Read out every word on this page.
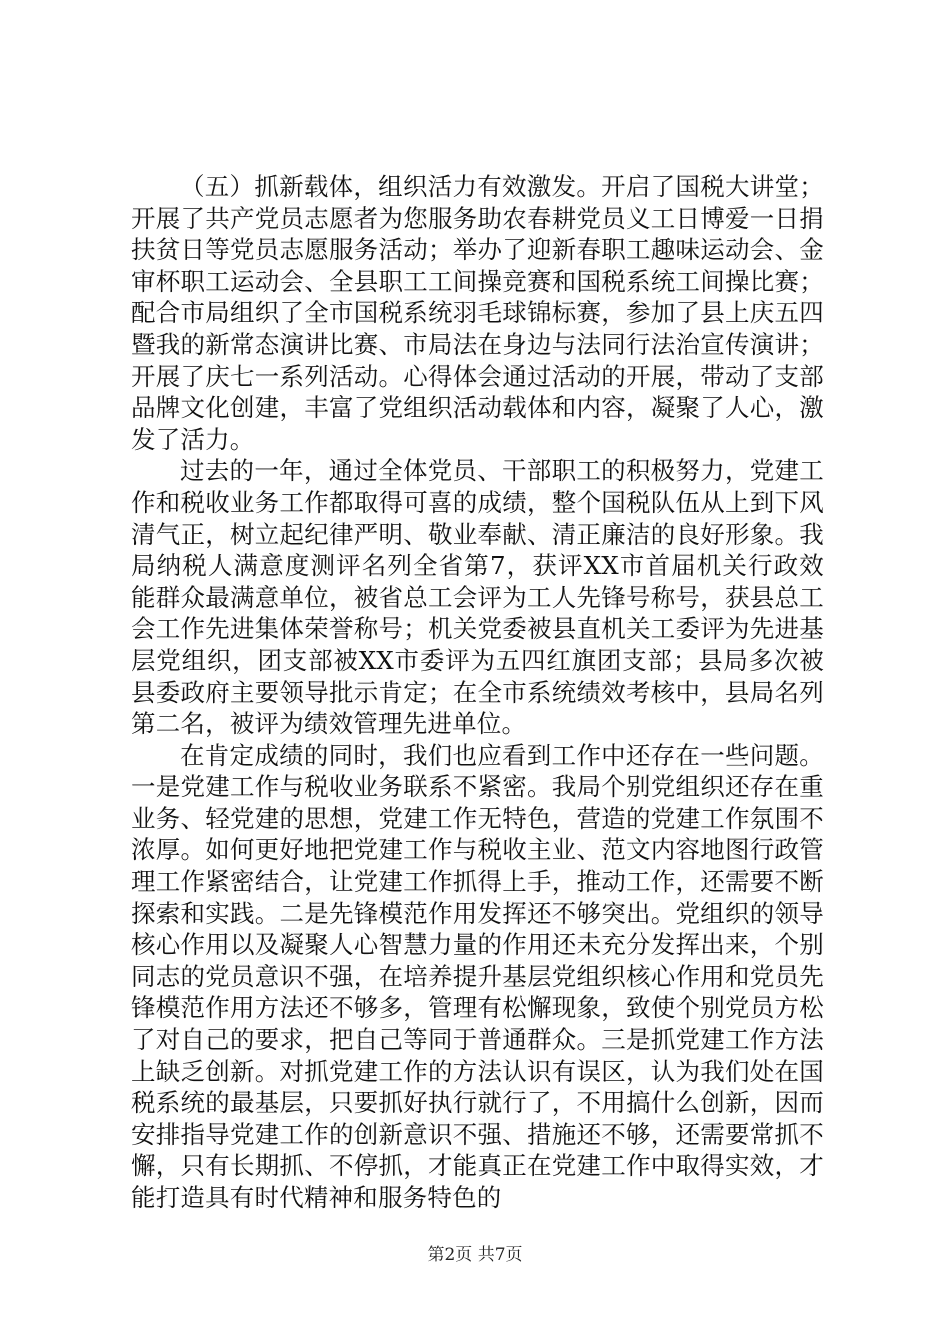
（五）抓新载体，组织活力有效激发。开启了国税大讲堂；开展了共产党员志愿者为您服务助农春耕党员义工日博爱一日捐扶贫日等党员志愿服务活动；举办了迎新春职工趣味运动会、金审杯职工运动会、全县职工工间操竞赛和国税系统工间操比赛；配合市局组织了全市国税系统羽毛球锦标赛，参加了县上庆五四暨我的新常态演讲比赛、市局法在身边与法同行法治宣传演讲；开展了庆七一系列活动。心得体会通过活动的开展，带动了支部品牌文化创建，丰富了党组织活动载体和内容，凝聚了人心，激发了活力。

过去的一年，通过全体党员、干部职工的积极努力，党建工作和税收业务工作都取得可喜的成绩，整个国税队伍从上到下风清气正，树立起纪律严明、敬业奉献、清正廉洁的良好形象。我局纳税人满意度测评名列全省第7，获评XX市首届机关行政效能群众最满意单位，被省总工会评为工人先锋号称号，获县总工会工作先进集体荣誉称号；机关党委被县直机关工委评为先进基层党组织，团支部被XX市委评为五四红旗团支部；县局多次被县委政府主要领导批示肯定；在全市系统绩效考核中，县局名列第二名，被评为绩效管理先进单位。

在肯定成绩的同时，我们也应看到工作中还存在一些问题。一是党建工作与税收业务联系不紧密。我局个别党组织还存在重业务、轻党建的思想，党建工作无特色，营造的党建工作氛围不浓厚。如何更好地把党建工作与税收主业、范文内容地图行政管理工作紧密结合，让党建工作抓得上手，推动工作，还需要不断探索和实践。二是先锋模范作用发挥还不够突出。党组织的领导核心作用以及凝聚人心智慧力量的作用还未充分发挥出来，个别同志的党员意识不强，在培养提升基层党组织核心作用和党员先锋模范作用方法还不够多，管理有松懈现象，致使个别党员方松了对自己的要求，把自己等同于普通群众。三是抓党建工作方法上缺乏创新。对抓党建工作的方法认识有误区，认为我们处在国税系统的最基层，只要抓好执行就行了，不用搞什么创新，因而安排指导党建工作的创新意识不强、措施还不够，还需要常抓不懈，只有长期抓、不停抓，才能真正在党建工作中取得实效，才能打造具有时代精神和服务特色的

第2页 共7页
